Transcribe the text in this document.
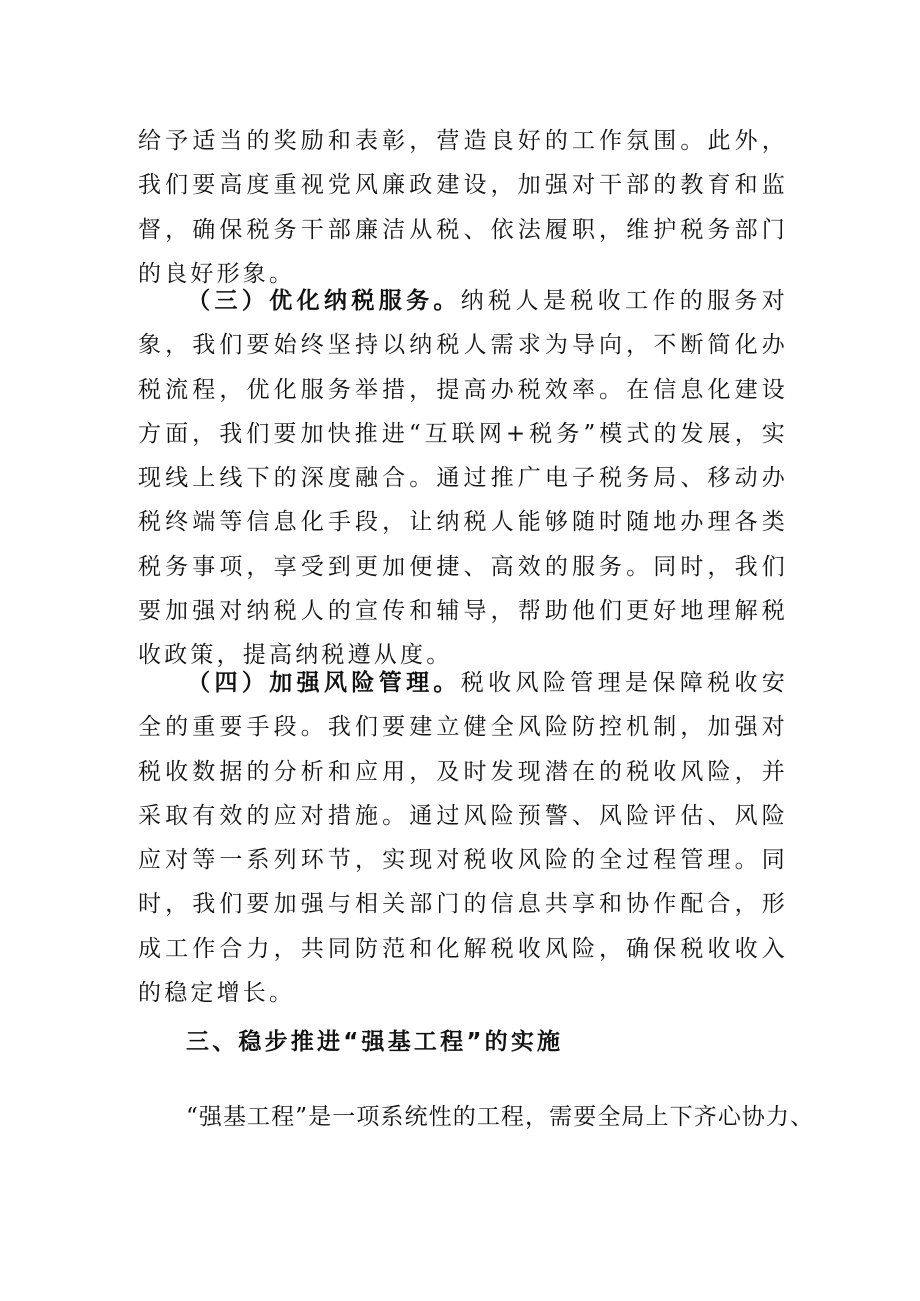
给予适当的奖励和表彰，营造良好的工作氛围。此外，我们要高度重视党风廉政建设，加强对干部的教育和监督，确保税务干部廉洁从税、依法履职，维护税务部门的良好形象。

（三）优化纳税服务。纳税人是税收工作的服务对象，我们要始终坚持以纳税人需求为导向，不断简化办税流程，优化服务举措，提高办税效率。在信息化建设方面，我们要加快推进“互联网+税务”模式的发展，实现线上线下的深度融合。通过推广电子税务局、移动办税终端等信息化手段，让纳税人能够随时随地办理各类税务事项，享受到更加便捷、高效的服务。同时，我们要加强对纳税人的宣传和辅导，帮助他们更好地理解税收政策，提高纳税遵从度。

（四）加强风险管理。税收风险管理是保障税收安全的重要手段。我们要建立健全风险防控机制，加强对税收数据的分析和应用，及时发现潜在的税收风险，并采取有效的应对措施。通过风险预警、风险评估、风险应对等一系列环节，实现对税收风险的全过程管理。同时，我们要加强与相关部门的信息共享和协作配合，形成工作合力，共同防范和化解税收风险，确保税收收入的稳定增长。

三、稳步推进“强基工程”的实施

“强基工程”是一项系统性的工程，需要全局上下齐心协力、
